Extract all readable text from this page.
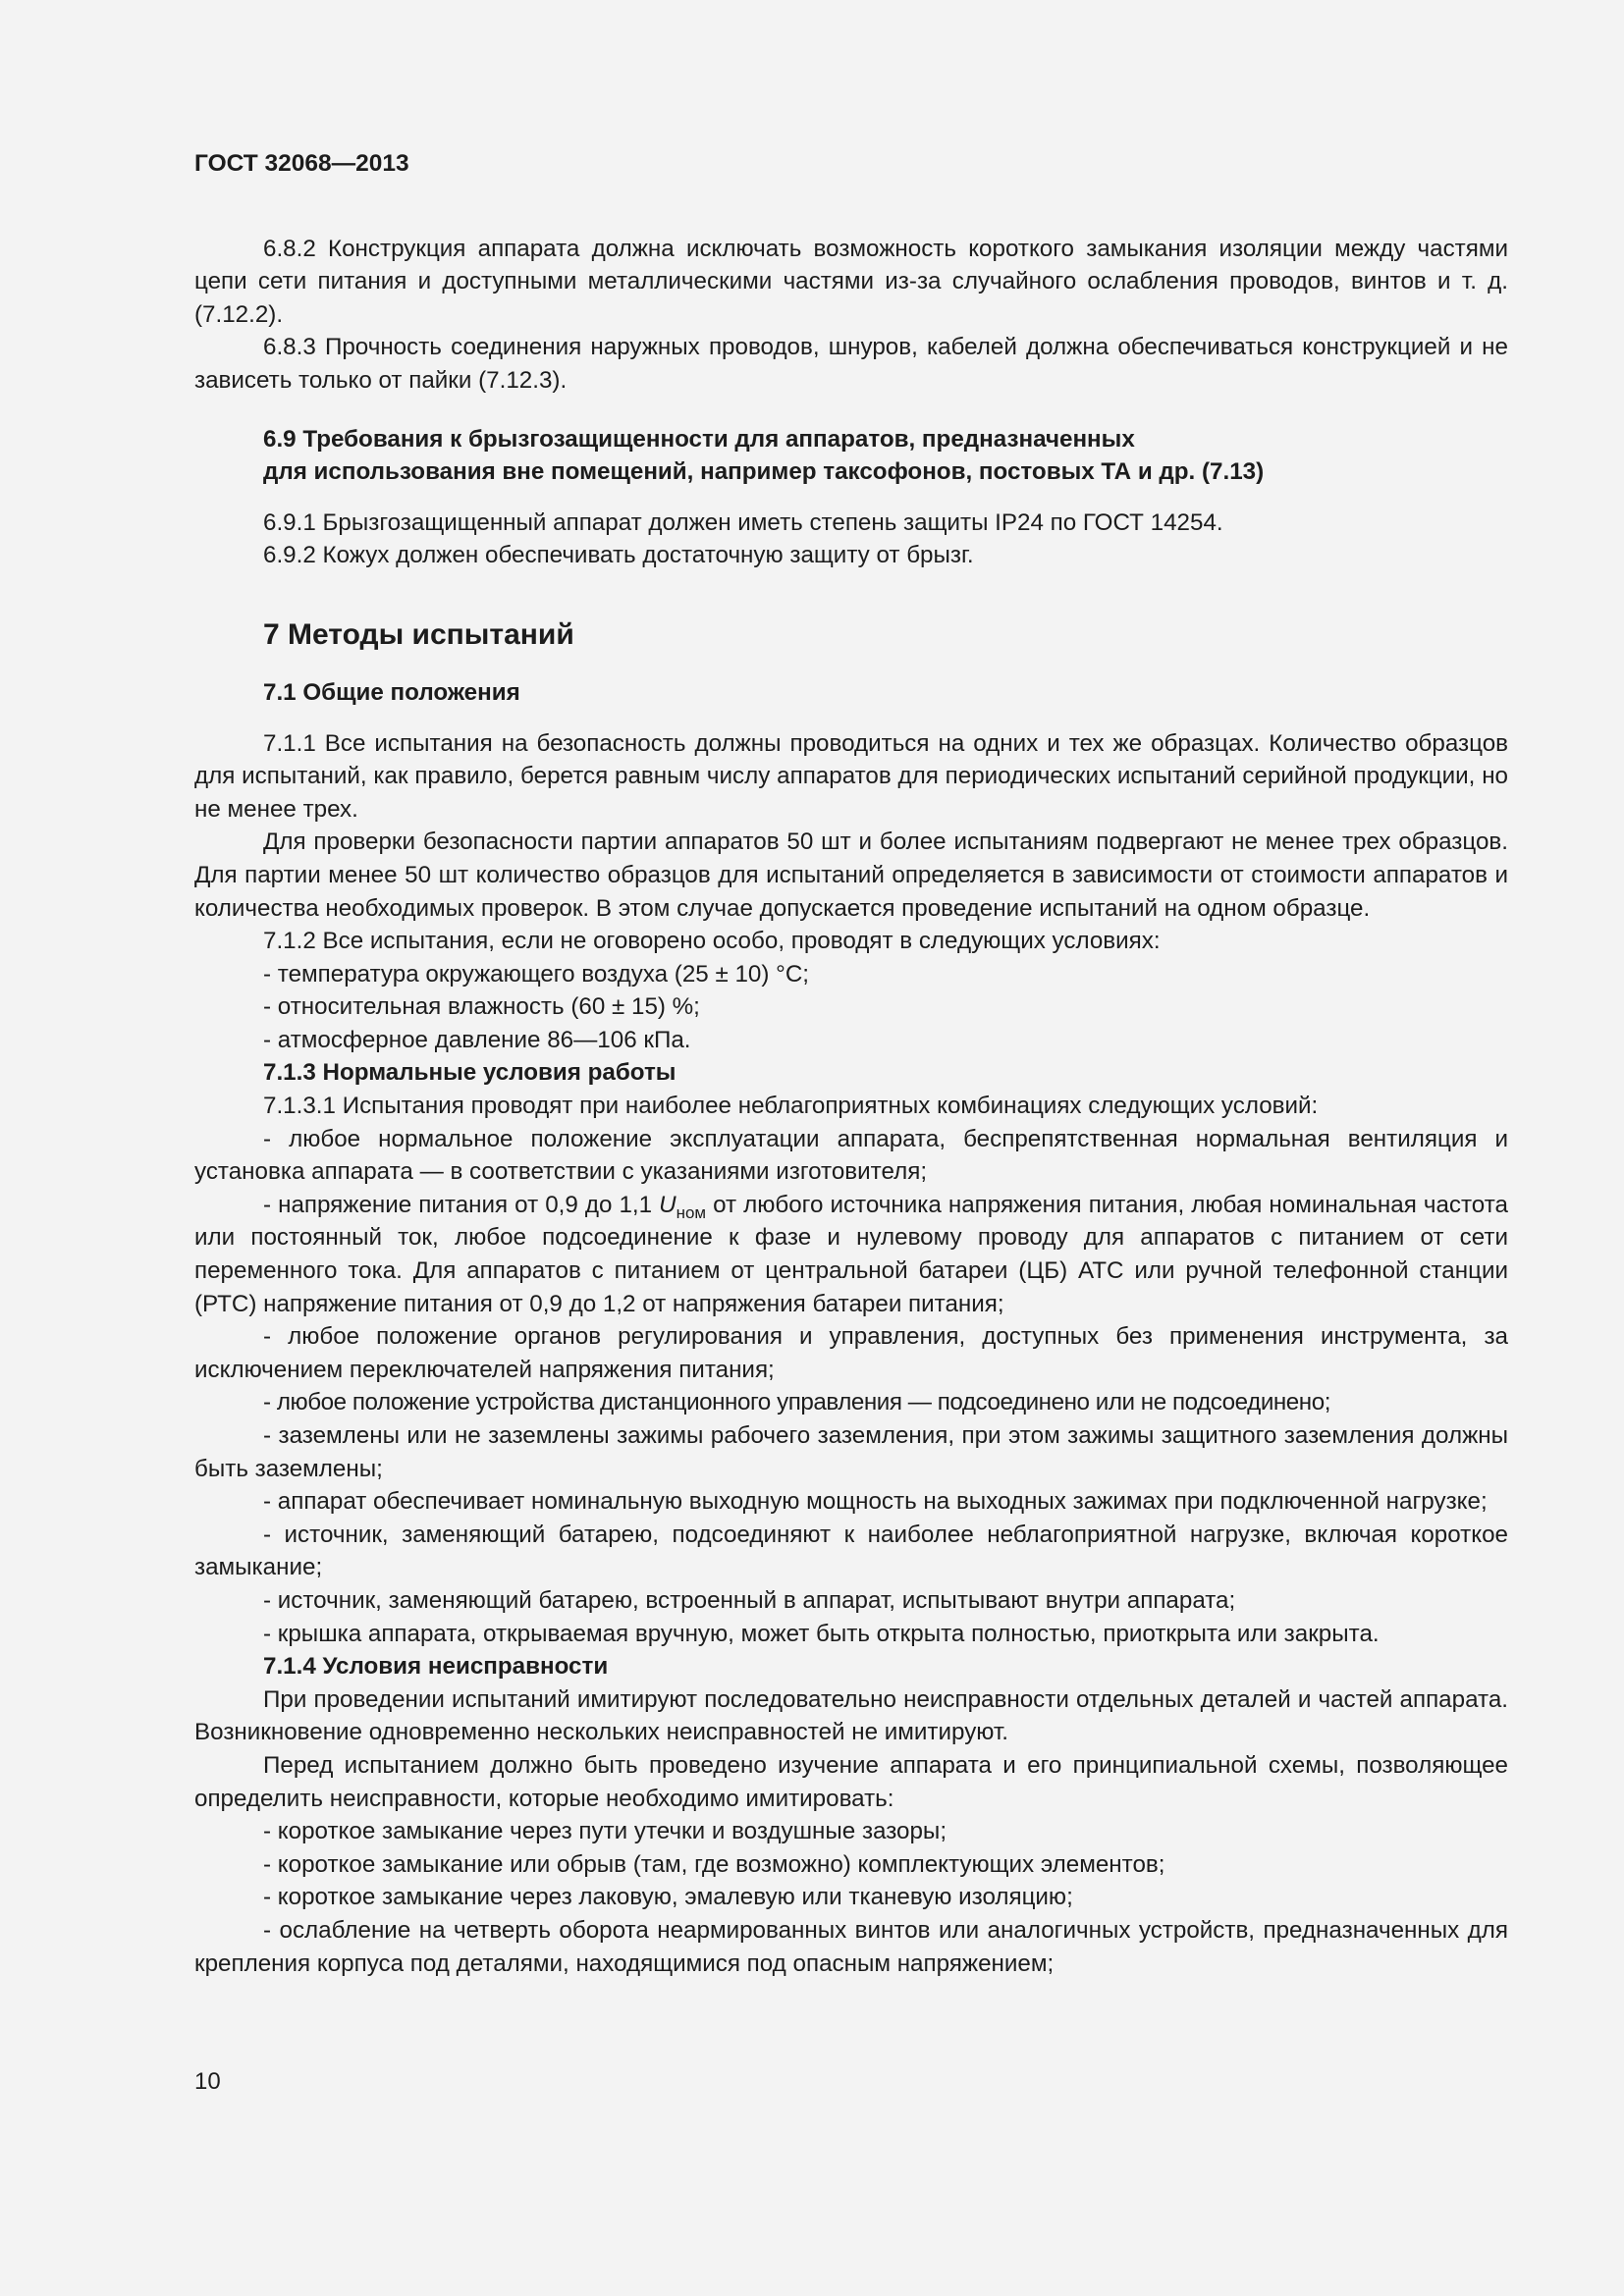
ГОСТ 32068—2013

6.8.2 Конструкция аппарата должна исключать возможность короткого замыкания изоляции между частями цепи сети питания и доступными металлическими частями из-за случайного ослабления проводов, винтов и т. д. (7.12.2).

6.8.3 Прочность соединения наружных проводов, шнуров, кабелей должна обеспечиваться конструкцией и не зависеть только от пайки (7.12.3).

6.9 Требования к брызгозащищенности для аппаратов, предназначенных
для использования вне помещений, например таксофонов, постовых ТА и др. (7.13)

6.9.1 Брызгозащищенный аппарат должен иметь степень защиты IP24 по ГОСТ 14254.

6.9.2 Кожух должен обеспечивать достаточную защиту от брызг.

7 Методы испытаний
7.1 Общие положения

7.1.1 Все испытания на безопасность должны проводиться на одних и тех же образцах. Количество образцов для испытаний, как правило, берется равным числу аппаратов для периодических испытаний серийной продукции, но не менее трех.

Для проверки безопасности партии аппаратов 50 шт и более испытаниям подвергают не менее трех образцов. Для партии менее 50 шт количество образцов для испытаний определяется в зависимости от стоимости аппаратов и количества необходимых проверок. В этом случае допускается проведение испытаний на одном образце.

7.1.2 Все испытания, если не оговорено особо, проводят в следующих условиях:

- температура окружающего воздуха (25 ± 10) °С;

- относительная влажность (60 ± 15) %;

- атмосферное давление 86—106 кПа.

7.1.3 Нормальные условия работы

7.1.3.1 Испытания проводят при наиболее неблагоприятных комбинациях следующих условий:

- любое нормальное положение эксплуатации аппарата, беспрепятственная нормальная вентиляция и установка аппарата — в соответствии с указаниями изготовителя;

- напряжение питания от 0,9 до 1,1 $U_{ном}$ от любого источника напряжения питания, любая номинальная частота или постоянный ток, любое подсоединение к фазе и нулевому проводу для аппаратов с питанием от сети переменного тока. Для аппаратов с питанием от центральной батареи (ЦБ) АТС или ручной телефонной станции (РТС) напряжение питания от 0,9 до 1,2 от напряжения батареи питания;

- любое положение органов регулирования и управления, доступных без применения инструмента, за исключением переключателей напряжения питания;

- любое положение устройства дистанционного управления — подсоединено или не подсоединено;

- заземлены или не заземлены зажимы рабочего заземления, при этом зажимы защитного заземления должны быть заземлены;

- аппарат обеспечивает номинальную выходную мощность на выходных зажимах при подключенной нагрузке;

- источник, заменяющий батарею, подсоединяют к наиболее неблагоприятной нагрузке, включая короткое замыкание;

- источник, заменяющий батарею, встроенный в аппарат, испытывают внутри аппарата;

- крышка аппарата, открываемая вручную, может быть открыта полностью, приоткрыта или закрыта.

7.1.4 Условия неисправности

При проведении испытаний имитируют последовательно неисправности отдельных деталей и частей аппарата. Возникновение одновременно нескольких неисправностей не имитируют.

Перед испытанием должно быть проведено изучение аппарата и его принципиальной схемы, позволяющее определить неисправности, которые необходимо имитировать:

- короткое замыкание через пути утечки и воздушные зазоры;

- короткое замыкание или обрыв (там, где возможно) комплектующих элементов;

- короткое замыкание через лаковую, эмалевую или тканевую изоляцию;

- ослабление на четверть оборота неармированных винтов или аналогичных устройств, предназначенных для крепления корпуса под деталями, находящимися под опасным напряжением;

10
